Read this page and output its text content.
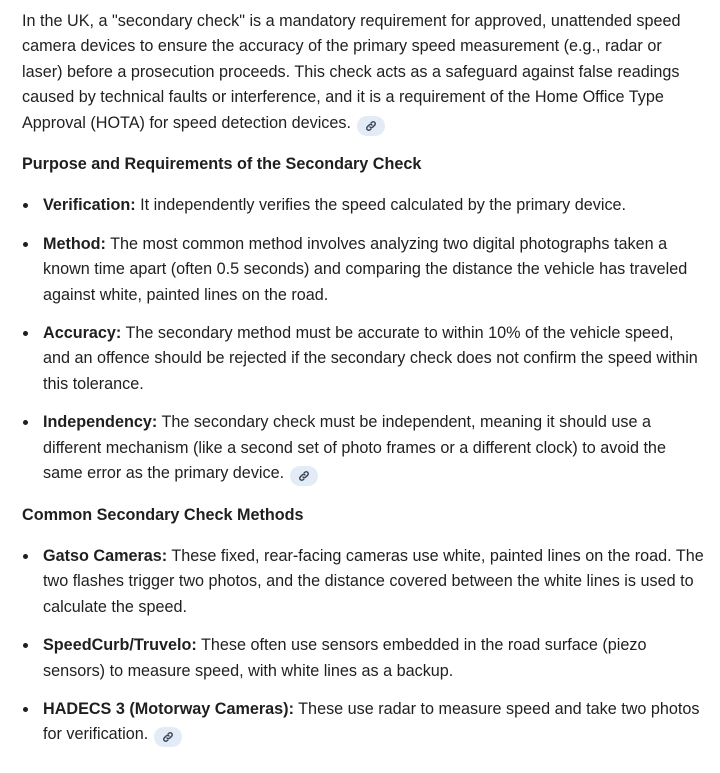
In the UK, a "secondary check" is a mandatory requirement for approved, unattended speed camera devices to ensure the accuracy of the primary speed measurement (e.g., radar or laser) before a prosecution proceeds. This check acts as a safeguard against false readings caused by technical faults or interference, and it is a requirement of the Home Office Type Approval (HOTA) for speed detection devices.

Purpose and Requirements of the Secondary Check
Verification: It independently verifies the speed calculated by the primary device.
Method: The most common method involves analyzing two digital photographs taken a known time apart (often 0.5 seconds) and comparing the distance the vehicle has traveled against white, painted lines on the road.
Accuracy: The secondary method must be accurate to within 10% of the vehicle speed, and an offence should be rejected if the secondary check does not confirm the speed within this tolerance.
Independency: The secondary check must be independent, meaning it should use a different mechanism (like a second set of photo frames or a different clock) to avoid the same error as the primary device.
Common Secondary Check Methods
Gatso Cameras: These fixed, rear-facing cameras use white, painted lines on the road. The two flashes trigger two photos, and the distance covered between the white lines is used to calculate the speed.
SpeedCurb/Truvelo: These often use sensors embedded in the road surface (piezo sensors) to measure speed, with white lines as a backup.
HADECS 3 (Motorway Cameras): These use radar to measure speed and take two photos for verification.
